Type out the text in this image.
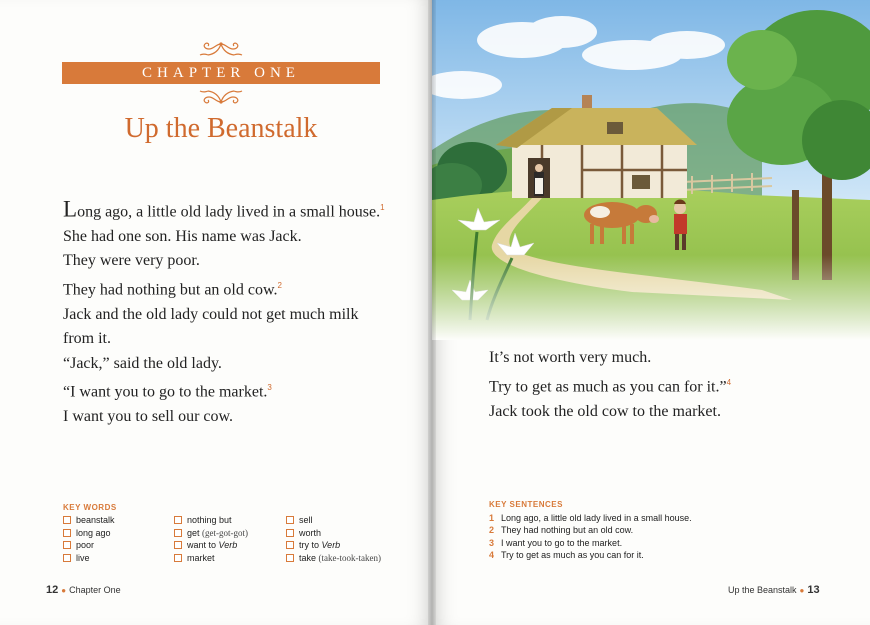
CHAPTER ONE
Up the Beanstalk
Long ago, a little old lady lived in a small house.$^1$
She had one son. His name was Jack.
They were very poor.
They had nothing but an old cow.$^2$
Jack and the old lady could not get much milk
from it.
“Jack,” said the old lady.
“I want you to go to the market.$^3$
I want you to sell our cow.
KEY WORDS
beanstalk
long ago
poor
live
nothing but
get (get-got-got)
want to Verb
market
sell
worth
try to Verb
take (take-took-taken)
12 ● Chapter One
It’s not worth very much.
Try to get as much as you can for it.”$^4$
Jack took the old cow to the market.
KEY SENTENCES
1 Long ago, a little old lady lived in a small house.
2 They had nothing but an old cow.
3 I want you to go to the market.
4 Try to get as much as you can for it.
Up the Beanstalk ● 13
